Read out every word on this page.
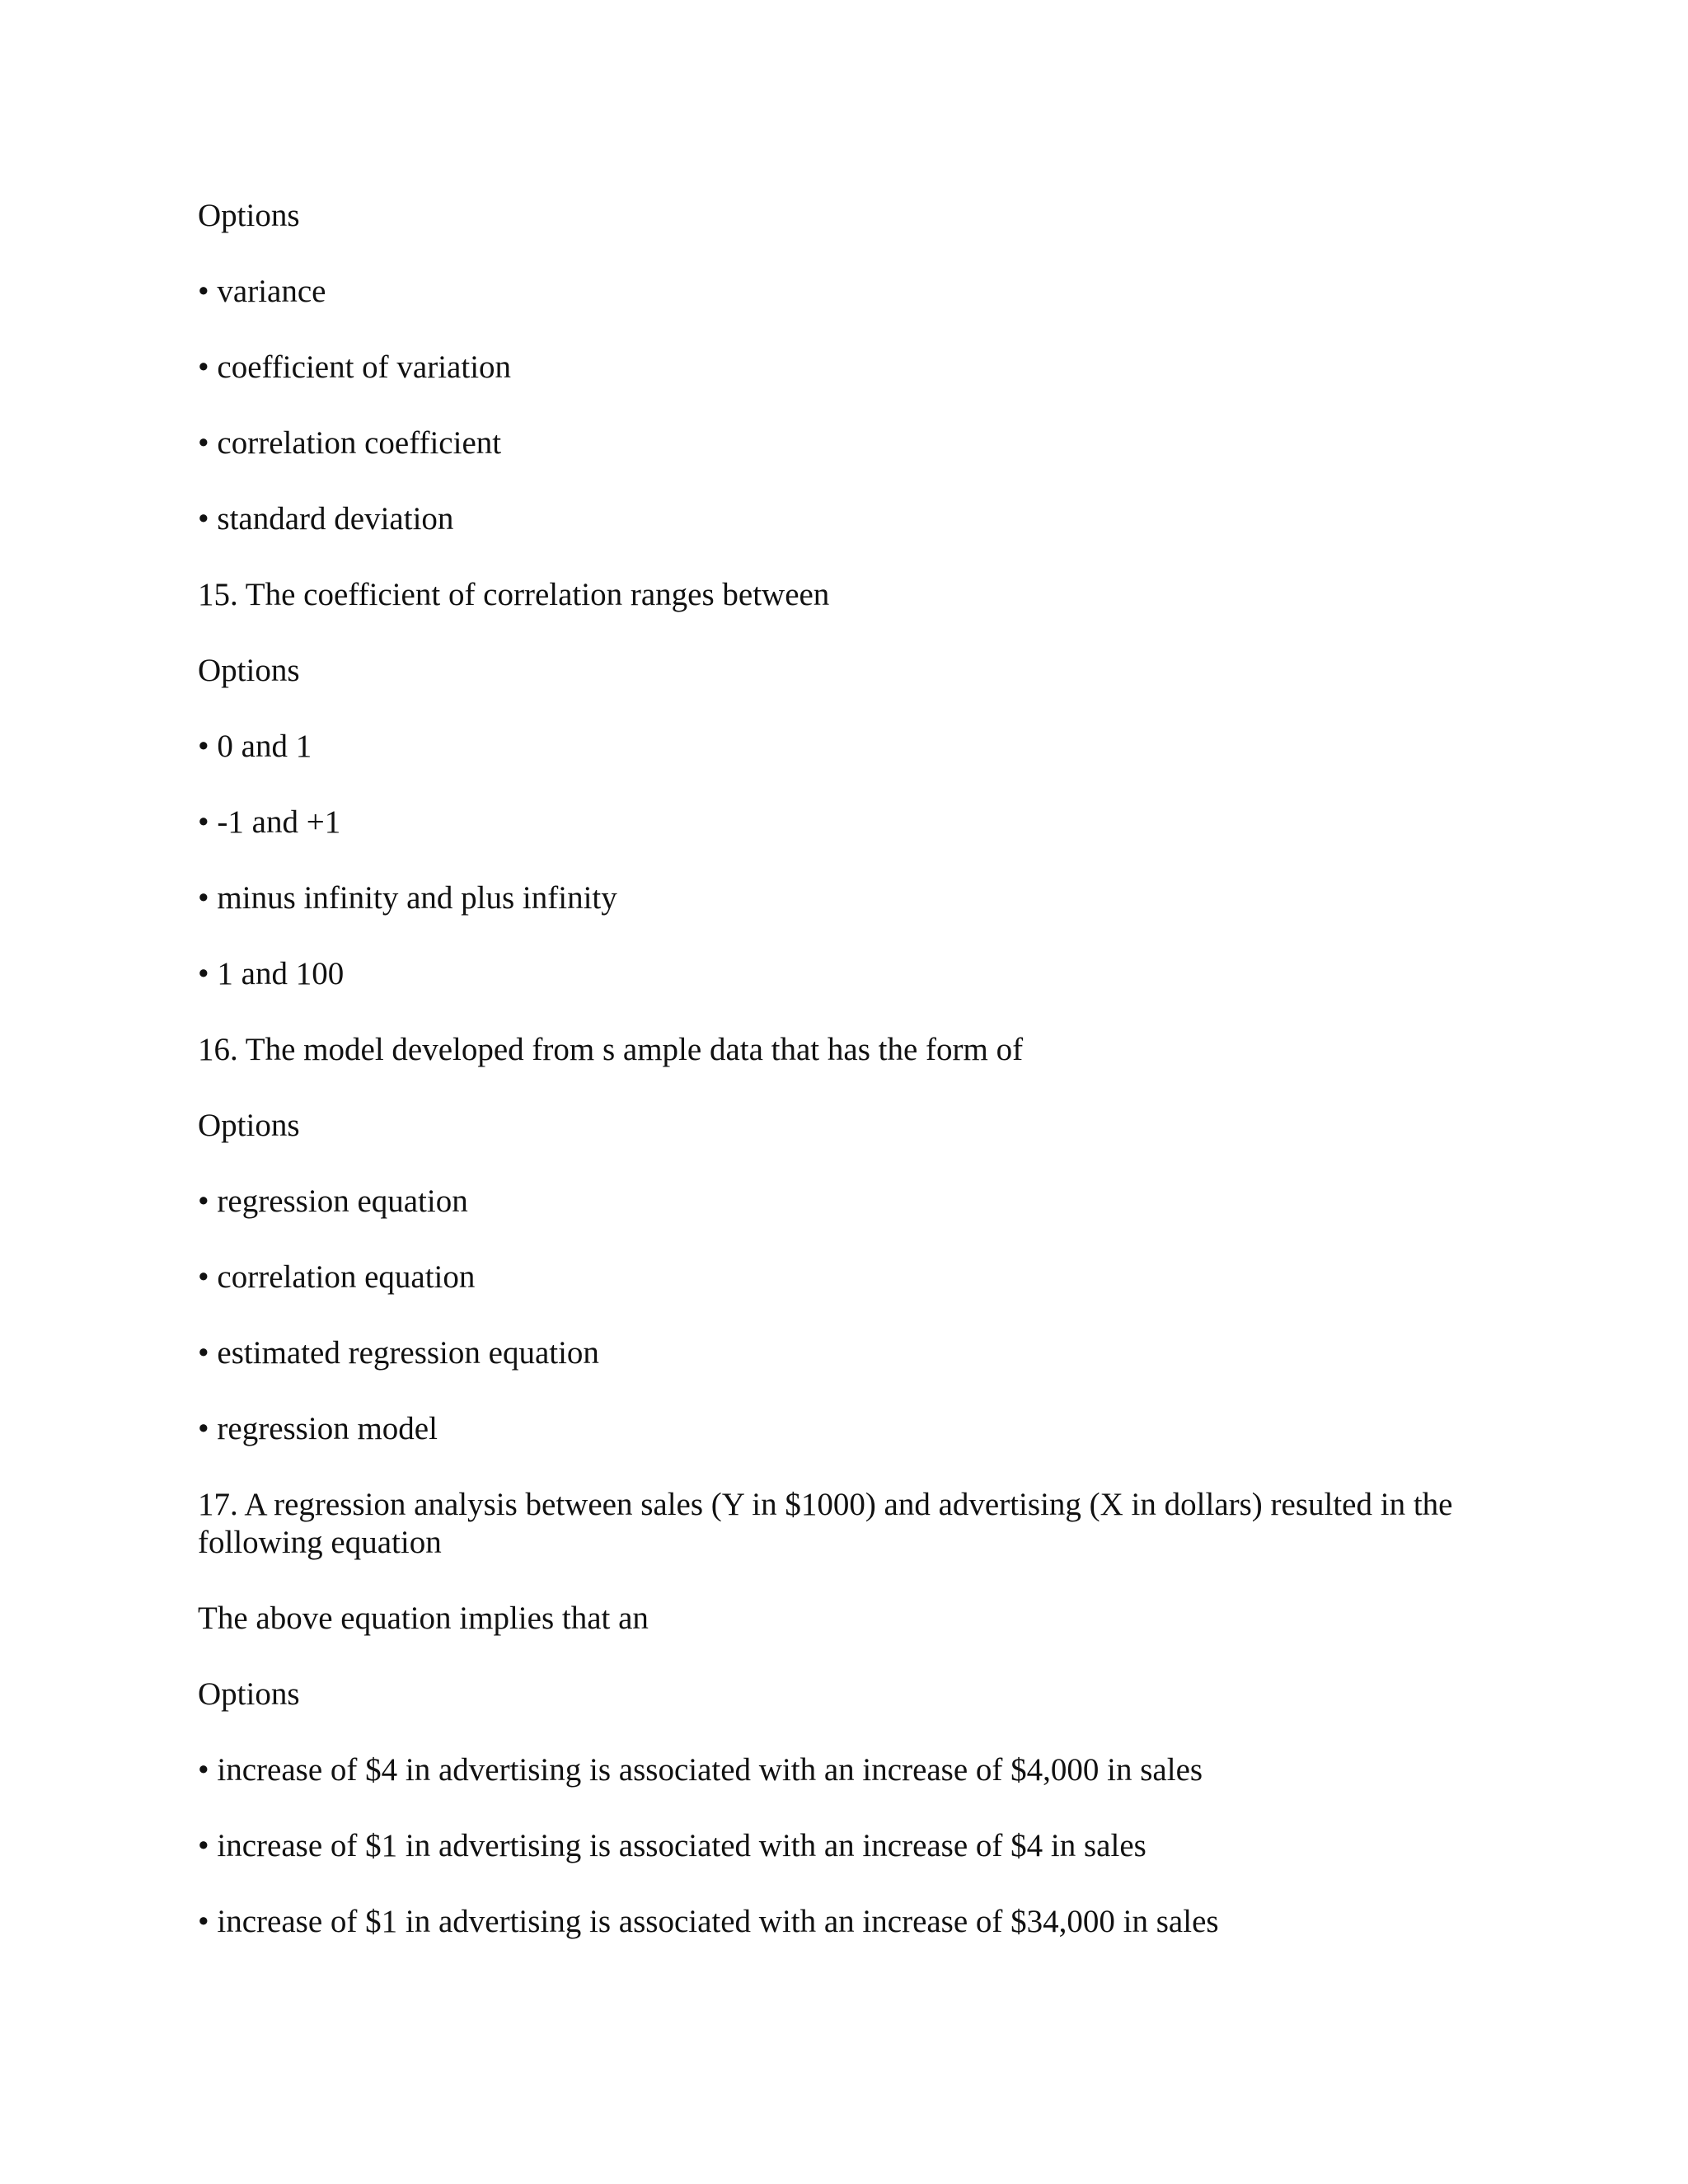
Options

• variance

• coefficient of variation

• correlation coefficient

• standard deviation

15. The coefficient of correlation ranges between

Options

• 0 and 1

• -1 and +1

• minus infinity and plus infinity

• 1 and 100

16. The model developed from s ample data that has the form of

Options

• regression equation

• correlation equation

• estimated regression equation

• regression model

17. A regression analysis between sales (Y in $1000) and advertising (X in dollars) resulted in the following equation

The above equation implies that an

Options

• increase of $4 in advertising is associated with an increase of $4,000 in sales

• increase of $1 in advertising is associated with an increase of $4 in sales

• increase of $1 in advertising is associated with an increase of $34,000 in sales
